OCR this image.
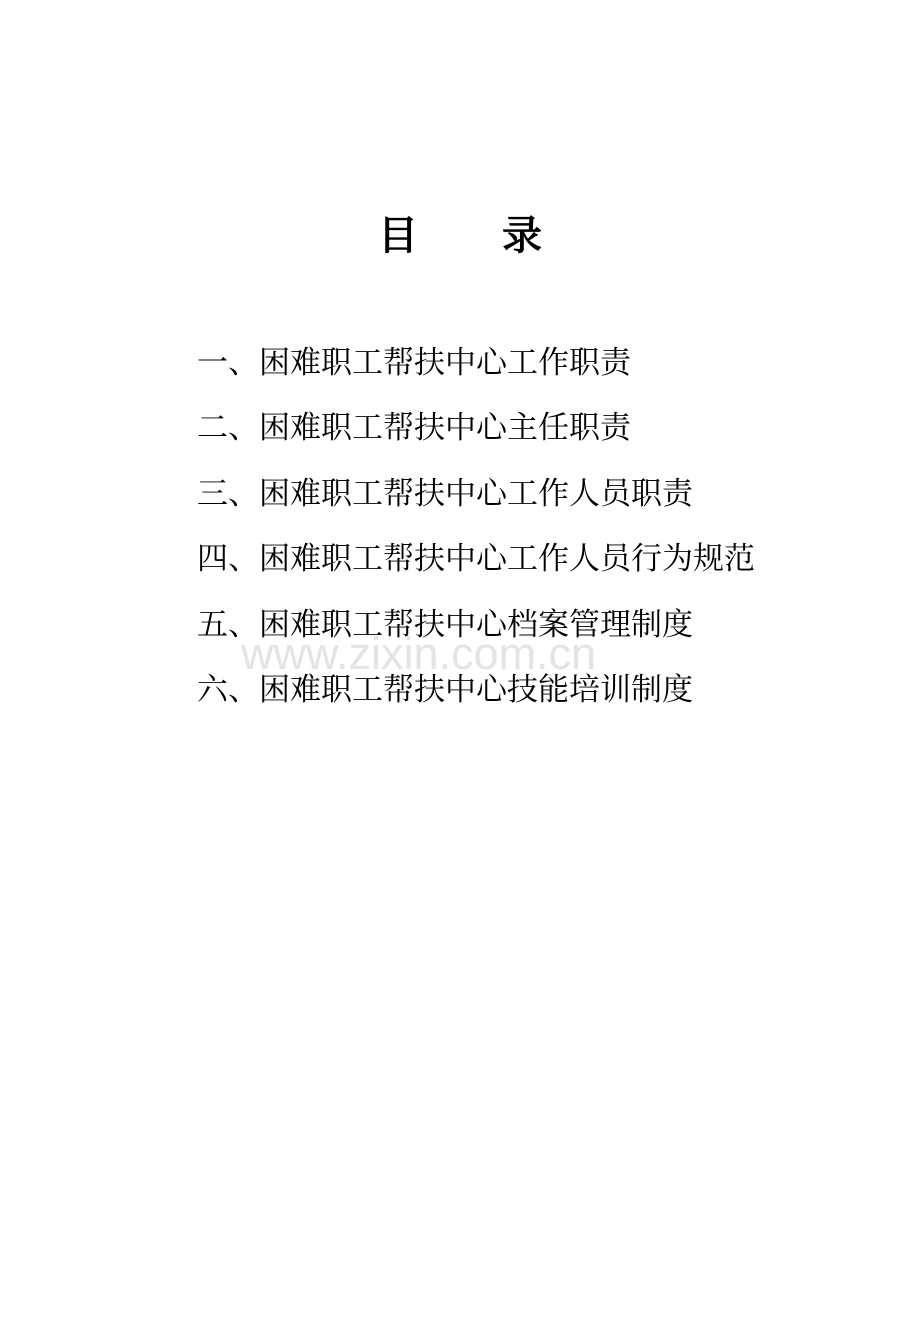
目 录
www.zixin.com.cn
一、困难职工帮扶中心工作职责
二、困难职工帮扶中心主任职责
三、困难职工帮扶中心工作人员职责
四、困难职工帮扶中心工作人员行为规范
五、困难职工帮扶中心档案管理制度
六、困难职工帮扶中心技能培训制度
